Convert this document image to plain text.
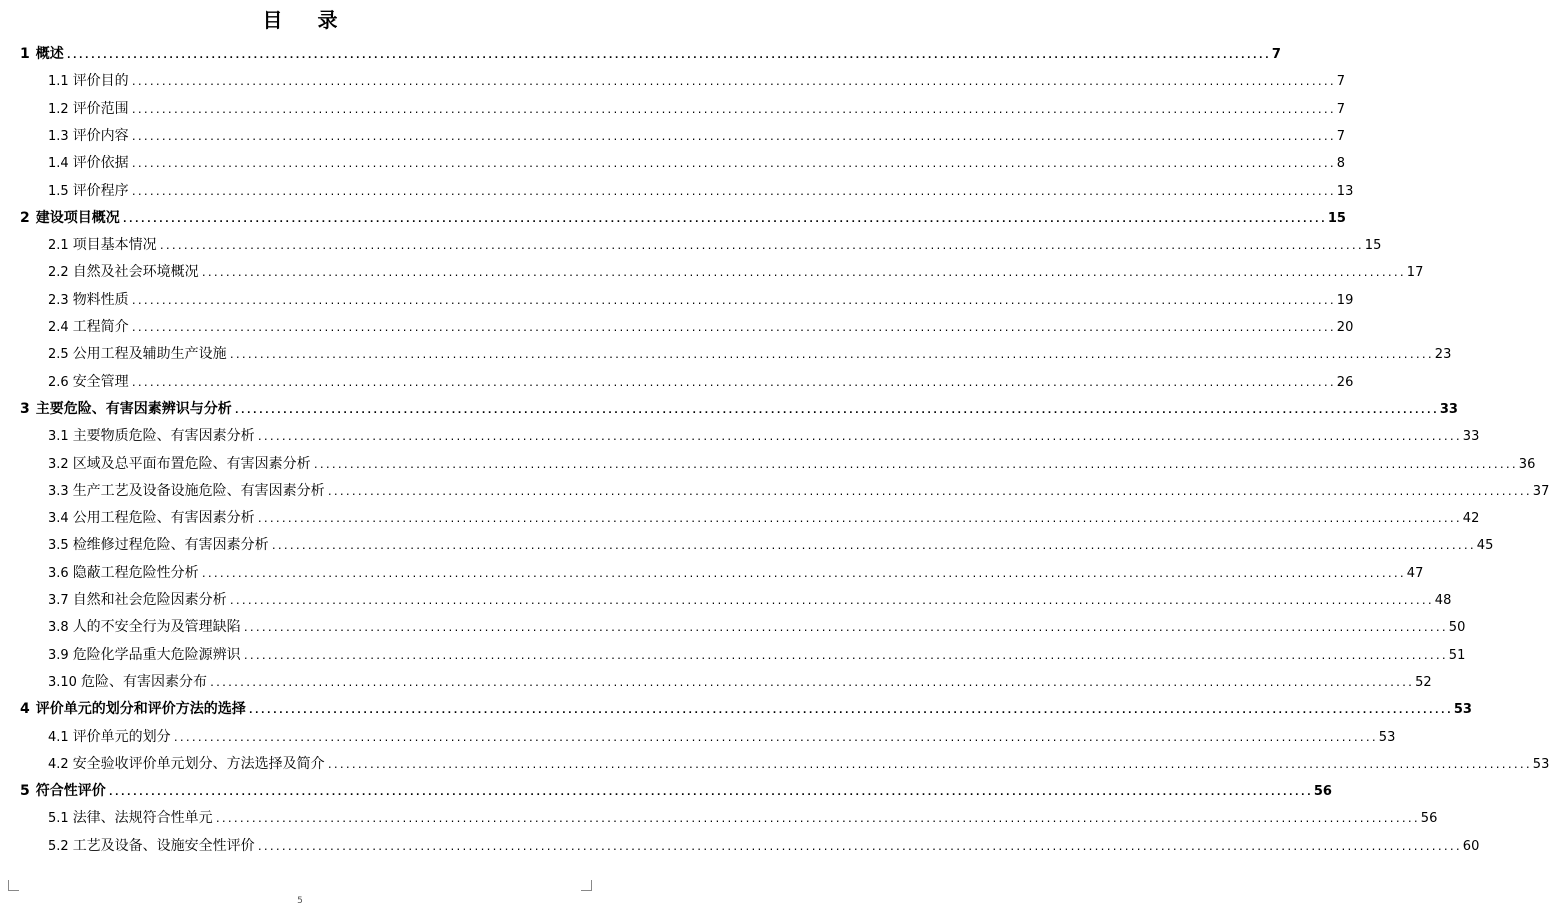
目 录
1 概述 ........................................................................................................................................................................................................ 7
1.1 评价目的 ........................................................................................................................................................................................................ 7
1.2 评价范围 ........................................................................................................................................................................................................ 7
1.3 评价内容 ........................................................................................................................................................................................................ 7
1.4 评价依据 ........................................................................................................................................................................................................ 8
1.5 评价程序 ........................................................................................................................................................................................................ 13
2 建设项目概况 ........................................................................................................................................................................................................ 15
2.1 项目基本情况 ........................................................................................................................................................................................................ 15
2.2 自然及社会环境概况 ........................................................................................................................................................................................................ 17
2.3 物料性质 ........................................................................................................................................................................................................ 19
2.4 工程简介 ........................................................................................................................................................................................................ 20
2.5 公用工程及辅助生产设施 ........................................................................................................................................................................................................ 23
2.6 安全管理 ........................................................................................................................................................................................................ 26
3 主要危险、有害因素辨识与分析 ........................................................................................................................................................................................................ 33
3.1 主要物质危险、有害因素分析 ........................................................................................................................................................................................................ 33
3.2 区域及总平面布置危险、有害因素分析 ........................................................................................................................................................................................................ 36
3.3 生产工艺及设备设施危险、有害因素分析 ........................................................................................................................................................................................................ 37
3.4 公用工程危险、有害因素分析 ........................................................................................................................................................................................................ 42
3.5 检维修过程危险、有害因素分析 ........................................................................................................................................................................................................ 45
3.6 隐蔽工程危险性分析 ........................................................................................................................................................................................................ 47
3.7 自然和社会危险因素分析 ........................................................................................................................................................................................................ 48
3.8 人的不安全行为及管理缺陷 ........................................................................................................................................................................................................ 50
3.9 危险化学品重大危险源辨识 ........................................................................................................................................................................................................ 51
3.10 危险、有害因素分布 ........................................................................................................................................................................................................ 52
4 评价单元的划分和评价方法的选择 ........................................................................................................................................................................................................ 53
4.1 评价单元的划分 ........................................................................................................................................................................................................ 53
4.2 安全验收评价单元划分、方法选择及简介 ........................................................................................................................................................................................................ 53
5 符合性评价 ........................................................................................................................................................................................................ 56
5.1 法律、法规符合性单元 ........................................................................................................................................................................................................ 56
5.2 工艺及设备、设施安全性评价 ........................................................................................................................................................................................................ 60
5
